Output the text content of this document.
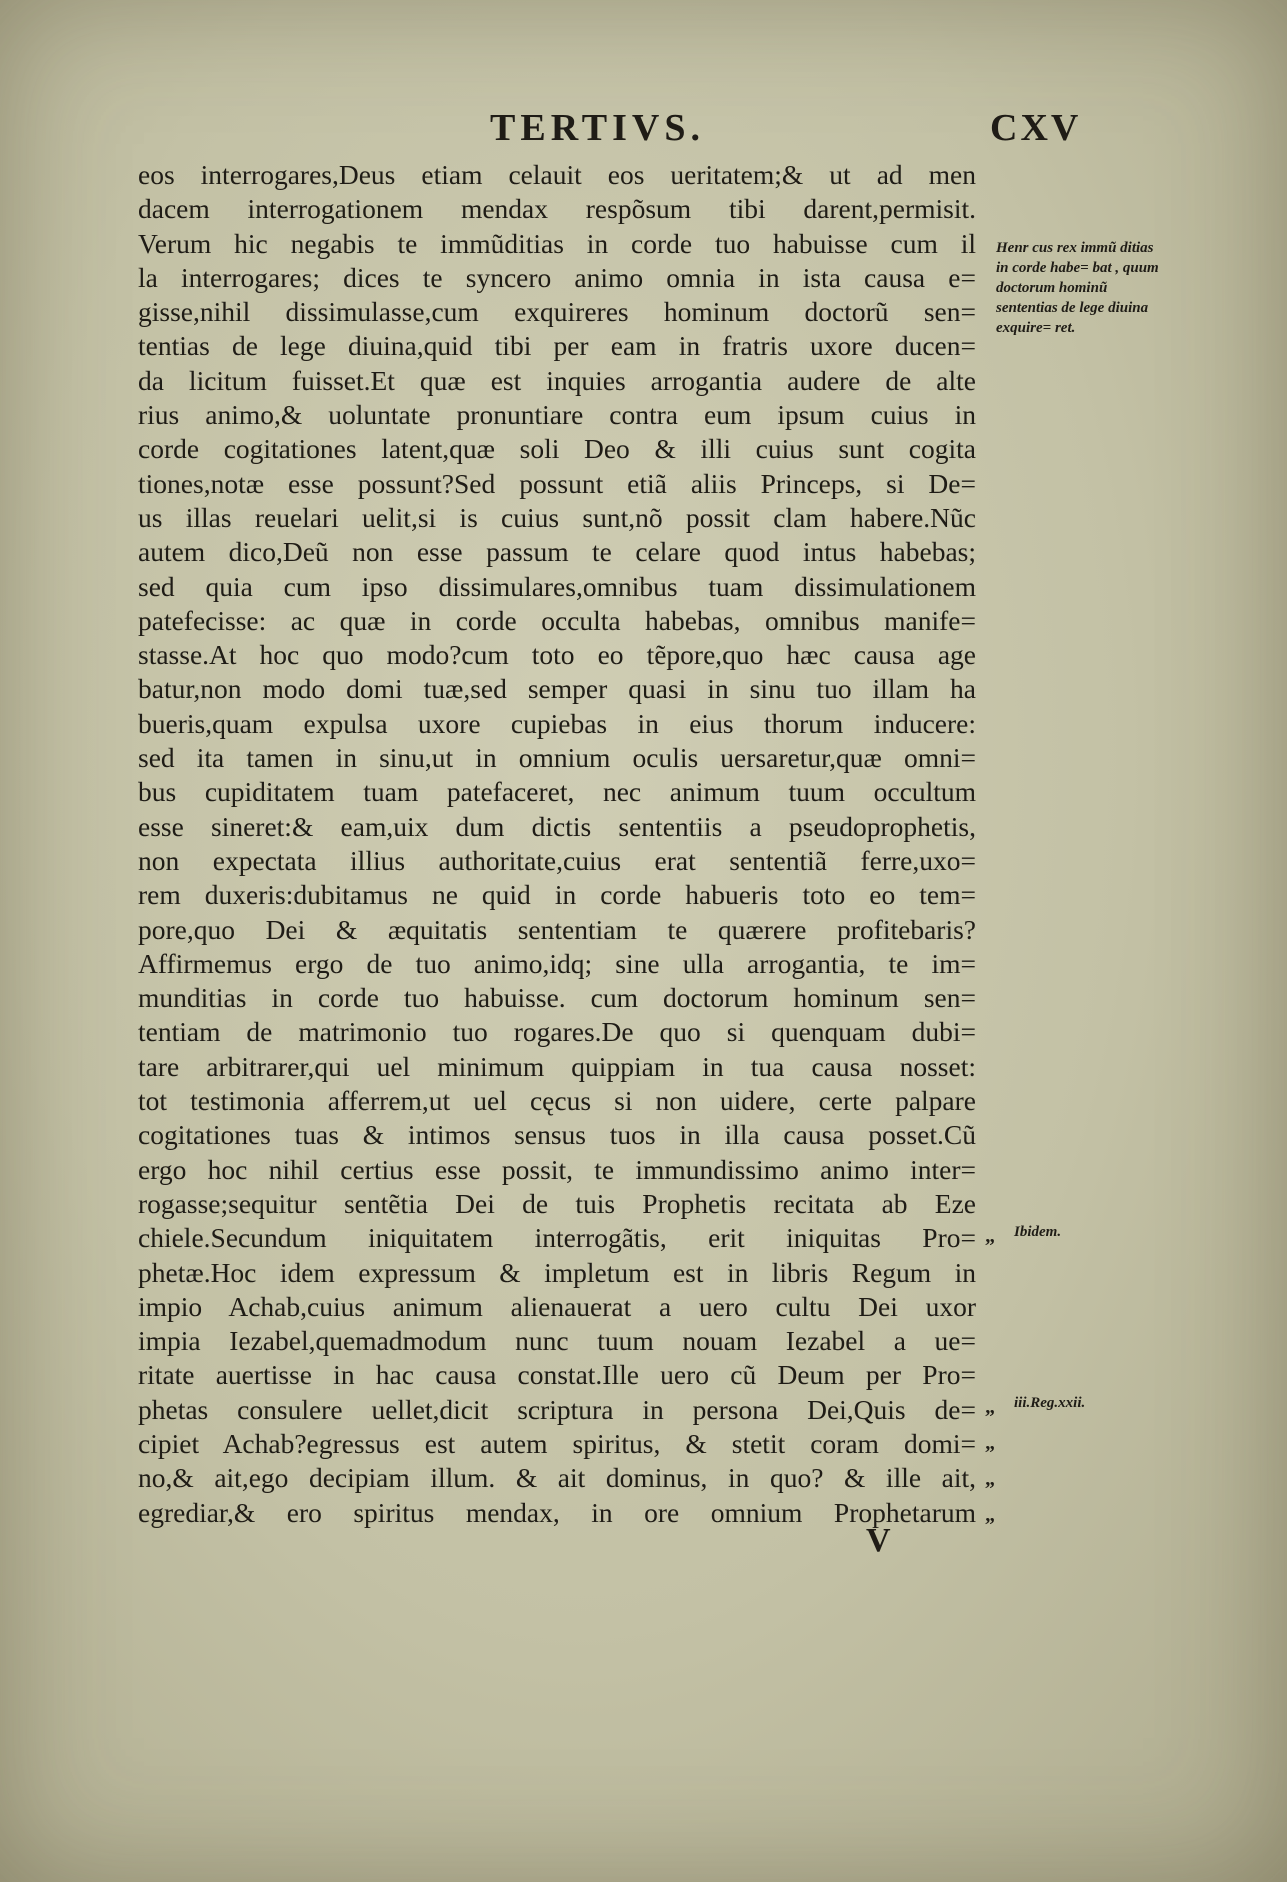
TERTIVS.	CXV
eos interrogares,Deus etiam celauit eos ueritatem;& ut ad men
dacem interrogationem mendax respõsum tibi darent,permisit.
Verum hic negabis te immũditias in corde tuo habuisse cum il
la interrogares; dices te syncero animo omnia in ista causa e=
gisse,nihil dissimulasse,cum exquireres hominum doctorũ sen=
tentias de lege diuina,quid tibi per eam in fratris uxore ducen=
da licitum fuisset.Et quæ est inquies arrogantia audere de alte
rius animo,& uoluntate pronuntiare contra eum ipsum cuius in
corde cogitationes latent,quæ soli Deo & illi cuius sunt cogita
tiones,notæ esse possunt?Sed possunt etiã aliis Princeps, si De=
us illas reuelari uelit,si is cuius sunt,nõ possit clam habere.Nũc
autem dico,Deũ non esse passum te celare quod intus habebas;
sed quia cum ipso dissimulares,omnibus tuam dissimulationem
patefecisse: ac quæ in corde occulta habebas, omnibus manife=
stasse.At hoc quo modo?cum toto eo tẽpore,quo hæc causa age
batur,non modo domi tuæ,sed semper quasi in sinu tuo illam ha
bueris,quam expulsa uxore cupiebas in eius thorum inducere:
sed ita tamen in sinu,ut in omnium oculis uersaretur,quæ omni=
bus cupiditatem tuam patefaceret, nec animum tuum occultum
esse sineret:& eam,uix dum dictis sententiis a pseudoprophetis,
non expectata illius authoritate,cuius erat sententiã ferre,uxo=
rem duxeris:dubitamus ne quid in corde habueris toto eo tem=
pore,quo Dei & æquitatis sententiam te quærere profitebaris?
Affirmemus ergo de tuo animo,idq; sine ulla arrogantia, te im=
munditias in corde tuo habuisse. cum doctorum hominum sen=
tentiam de matrimonio tuo rogares.De quo si quenquam dubi=
tare arbitrarer,qui uel minimum quippiam in tua causa nosset:
tot testimonia afferrem,ut uel cęcus si non uidere, certe palpare
cogitationes tuas & intimos sensus tuos in illa causa posset.Cũ
ergo hoc nihil certius esse possit, te immundissimo animo inter=
rogasse;sequitur sentẽtia Dei de tuis Prophetis recitata ab Eze
chiele.Secundum iniquitatem interrogãtis, erit iniquitas Pro=
phetæ.Hoc idem expressum & impletum est in libris Regum in
impio Achab,cuius animum alienauerat a uero cultu Dei uxor
impia Iezabel,quemadmodum nunc tuum nouam Iezabel a ue=
ritate auertisse in hac causa constat.Ille uero cũ Deum per Pro=
phetas consulere uellet,dicit scriptura in persona Dei,Quis de=
cipiet Achab?egressus est autem spiritus, & stetit coram domi=
no,& ait,ego decipiam illum. & ait dominus, in quo? & ille ait,
egrediar,& ero spiritus mendax, in ore omnium Prophetarum
Henr cus rex immũ ditias in corde habe= bat , quum doctorum hominũ sententias de lege diuina exquire= ret.
„ Ibidem.
„ iii.Reg.xxii.
„
„
„
V
